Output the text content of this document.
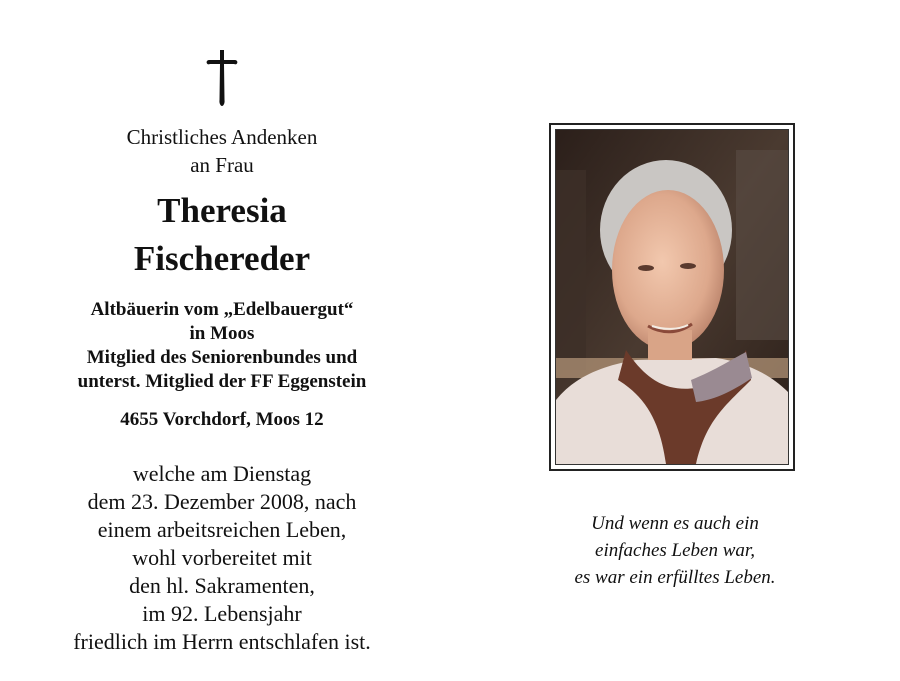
Christliches Andenken
an Frau
Theresia
Fischereder
Altbäuerin vom „Edelbauergut“
in Moos
Mitglied des Seniorenbundes und
unterst. Mitglied der FF Eggenstein
4655 Vorchdorf, Moos 12
welche am Dienstag
dem 23. Dezember 2008, nach
einem arbeitsreichen Leben,
wohl vorbereitet mit
den hl. Sakramenten,
im 92. Lebensjahr
friedlich im Herrn entschlafen ist.
Und wenn es auch ein
einfaches Leben war,
es war ein erfülltes Leben.
